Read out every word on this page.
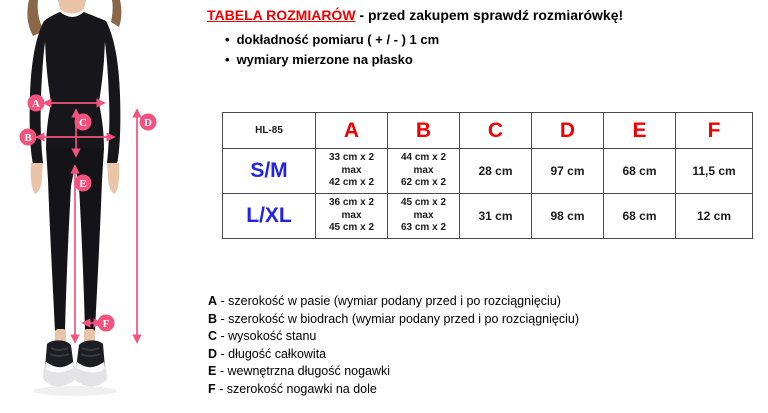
A
B
C	D
E
F
TABELA ROZMIARÓW - przed zakupem sprawdź rozmiarówkę!
• dokładność pomiaru ( + / - ) 1 cm
• wymiary mierzone na płasko
HL-85	A	B	C	D	E	F
S/M	33 cm x 2
max
42 cm x 2	44 cm x 2
max
62 cm x 2	28 cm	97 cm	68 cm	11,5 cm
L/XL	36 cm x 2
max
45 cm x 2	45 cm x 2
max
63 cm x 2	31 cm	98 cm	68 cm	12 cm
A - szerokość w pasie (wymiar podany przed i po rozciągnięciu)
B - szerokość w biodrach (wymiar podany przed i po rozciągnięciu)
C - wysokość stanu
D - długość całkowita
E - wewnętrzna długość nogawki
F - szerokość nogawki na dole
